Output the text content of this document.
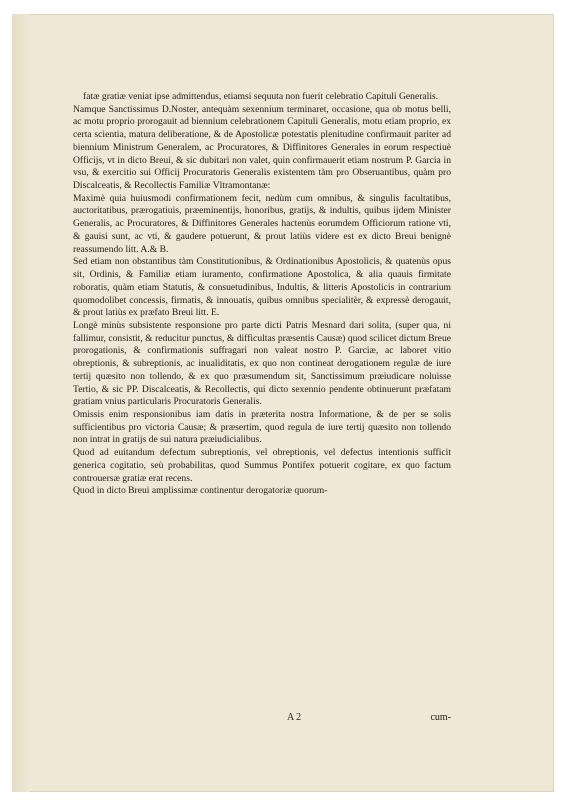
fatæ gratiæ veniat ipse admittendus, etiamsi sequuta non fuerit celebratio Capituli Generalis.

Namque Sanctissimus D.Noster, antequàm sexennium terminaret, occasione, qua ob motus belli, ac motu proprio prorogauit ad biennium celebrationem Capituli Generalis, motu etiam proprio, ex certa scientia, matura deliberatione, & de Apostolicæ potestatis plenitudine confirmauit pariter ad biennium Ministrum Generalem, ac Procuratores, & Diffinitores Generales in eorum respectiuè Officijs, vt in dicto Breui, & sic dubitari non valet, quin confirmauerit etiam nostrum P. Garcia in vsu, & exercitio sui Officij Procuratoris Generalis existentem tàm pro Obseruantibus, quàm pro Discalceatis, & Recollectis Familiæ Vltramontanæ:

Maximè quia huiusmodi confirmationem fecit, nedùm cum omnibus, & singulis facultatibus, auctoritatibus, prærogatiuis, præeminentijs, honoribus, gratijs, & indultis, quibus ijdem Minister Generalis, ac Procuratores, & Diffinitores Generales hactenùs eorumdem Officiorum ratione vti, & gauisi sunt, ac vti, & gaudere potuerunt, & prout latiùs videre est ex dicto Breui benignè reassumendo litt. A.& B.

Sed etiam non obstantibus tàm Constitutionibus, & Ordinationibus Apostolicis, & quatenùs opus sit, Ordinis, & Familiæ etiam iuramento, confirmatione Apostolica, & alia quauis firmitate roboratis, quàm etiam Statutis, & consuetudinibus, Indultis, & litteris Apostolicis in contrarium quomodolibet concessis, firmatis, & innouatis, quibus omnibus specialitèr, & expressè derogauit, & prout latiùs ex præfato Breui litt. E.

Longè minùs subsistente responsione pro parte dicti Patris Mesnard dari solita, (super qua, ni fallimur, consistit, & reducitur punctus, & difficultas præsentis Causæ) quod scilicet dictum Breue prorogationis, & confirmationis suffragari non valeat nostro P. Garciæ, ac laboret vitio obreptionis, & subreptionis, ac inualiditatis, ex quo non contineat derogationem regulæ de iure tertij quæsito non tollendo, & ex quo præsumendum sit, Sanctissimum præiudicare noluisse Tertio, & sic PP. Discalceatis, & Recollectis, qui dicto sexennio pendente obtinuerunt præfatam gratiam vnius particularis Procuratoris Generalis.

Omissis enim responsionibus iam datis in præterita nostra Informatione, & de per se solis sufficientibus pro victoria Causæ; & præsertim, quod regula de iure tertij quæsito non tollendo non intrat in gratijs de sui natura præiudicialibus.

Quod ad euitandum defectum subreptionis, vel obreptionis, vel defectus intentionis sufficit generica cogitatio, seù probabilitas, quod Summus Pontifex potuerit cogitare, ex quo factum controuersæ gratiæ erat recens.

Quod in dicto Breui amplissimæ continentur derogatoriæ quorum-

A 2	cum-
